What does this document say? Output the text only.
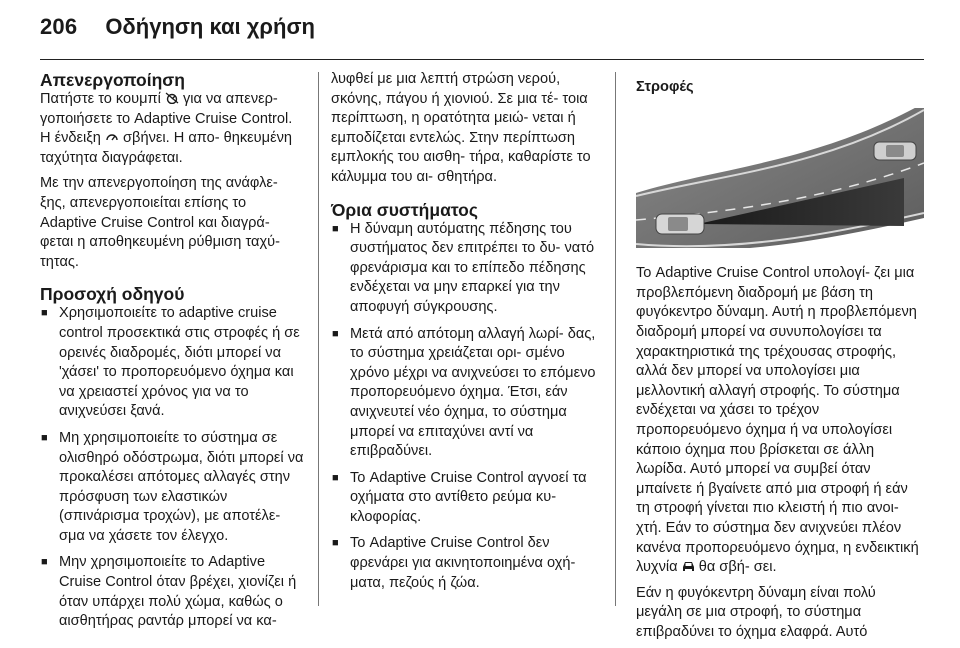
206 Οδήγηση και χρήση
Απενεργοποίηση

Πατήστε το κουμπί για να απενερ- γοποιήσετε το Adaptive Cruise Control. Η ένδειξη σβήνει. Η απο- θηκευμένη ταχύτητα διαγράφεται.

Με την απενεργοποίηση της ανάφλε- ξης, απενεργοποιείται επίσης το Adaptive Cruise Control και διαγρά- φεται η αποθηκευμένη ρύθμιση ταχύ- τητας.

Προσοχή οδηγού
■ Χρησιμοποιείτε το adaptive cruise control προσεκτικά στις στροφές ή σε ορεινές διαδρομές, διότι μπορεί να 'χάσει' το προπορευόμενο όχημα και να χρειαστεί χρόνος για να το ανιχνεύσει ξανά.
■ Μη χρησιμοποιείτε το σύστημα σε ολισθηρό οδόστρωμα, διότι μπορεί να προκαλέσει απότομες αλλαγές στην πρόσφυση των ελαστικών (σπινάρισμα τροχών), με αποτέλε- σμα να χάσετε τον έλεγχο.
■ Μην χρησιμοποιείτε το Adaptive Cruise Control όταν βρέχει, χιονίζει ή όταν υπάρχει πολύ χώμα, καθώς ο αισθητήρας ραντάρ μπορεί να κα-

λυφθεί με μια λεπτή στρώση νερού, σκόνης, πάγου ή χιονιού. Σε μια τέ- τοια περίπτωση, η ορατότητα μειώ- νεται ή εμποδίζεται εντελώς. Στην περίπτωση εμπλοκής του αισθη- τήρα, καθαρίστε το κάλυμμα του αι- σθητήρα.

Όρια συστήματος
■ Η δύναμη αυτόματης πέδησης του συστήματος δεν επιτρέπει το δυ- νατό φρενάρισμα και το επίπεδο πέδησης ενδέχεται να μην επαρκεί για την αποφυγή σύγκρουσης.
■ Μετά από απότομη αλλαγή λωρί- δας, το σύστημα χρειάζεται ορι- σμένο χρόνο μέχρι να ανιχνεύσει το επόμενο προπορευόμενο όχημα. Έτσι, εάν ανιχνευτεί νέο όχημα, το σύστημα μπορεί να επιταχύνει αντί να επιβραδύνει.
■ Το Adaptive Cruise Control αγνοεί τα οχήματα στο αντίθετο ρεύμα κυ- κλοφορίας.
■ Το Adaptive Cruise Control δεν φρενάρει για ακινητοποιημένα οχή- ματα, πεζούς ή ζώα.
Στροφές

Το Adaptive Cruise Control υπολογί- ζει μια προβλεπόμενη διαδρομή με βάση τη φυγόκεντρο δύναμη. Αυτή η προβλεπόμενη διαδρομή μπορεί να συνυπολογίσει τα χαρακτηριστικά της τρέχουσας στροφής, αλλά δεν μπορεί να υπολογίσει μια μελλοντική αλλαγή στροφής. Το σύστημα ενδέχεται να χάσει το τρέχον προπορευόμενο όχημα ή να υπολογίσει κάποιο όχημα που βρίσκεται σε άλλη λωρίδα. Αυτό μπορεί να συμβεί όταν μπαίνετε ή βγαίνετε από μια στροφή ή εάν τη στροφή γίνεται πιο κλειστή ή πιο ανοι- χτή. Εάν το σύστημα δεν ανιχνεύει πλέον κανένα προπορευόμενο όχημα, η ενδεικτική λυχνία θα σβή- σει.

Εάν η φυγόκεντρη δύναμη είναι πολύ μεγάλη σε μια στροφή, το σύστημα επιβραδύνει το όχημα ελαφρά. Αυτό
